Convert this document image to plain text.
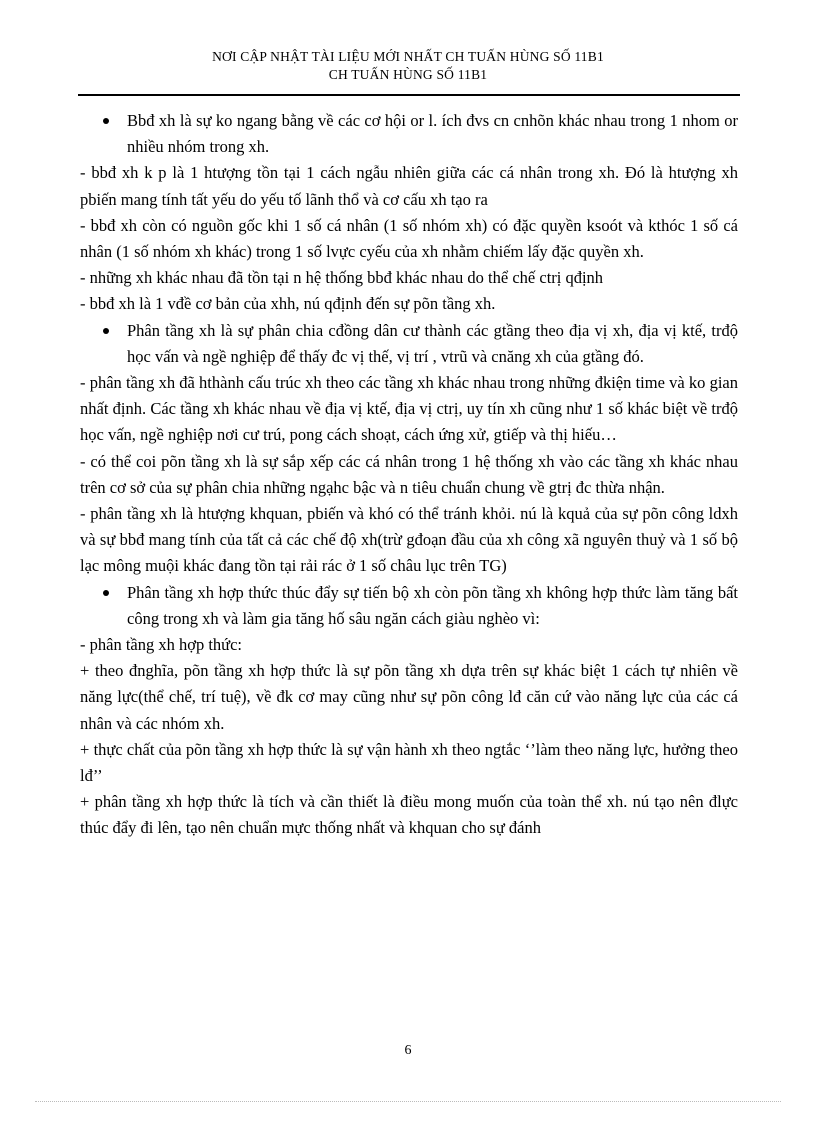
NƠI CẬP NHẬT TÀI LIỆU MỚI NHẤT CH TUẤN HÙNG SỐ 11B1
CH TUẤN HÙNG SỐ 11B1

Bbđ xh là sự ko ngang bằng về các cơ hội or l. ích đvs cn cnhõn khác nhau trong 1 nhom or nhiều nhóm trong xh.

- bbđ xh k p là 1 htượng tồn tại 1 cách ngẫu nhiên giữa các cá nhân trong xh. Đó là htượng xh pbiến mang tính tất yếu do yếu tố lãnh thổ và cơ cấu xh tạo ra

- bbđ xh còn có nguồn gốc khi 1 số cá nhân (1 số nhóm xh) có đặc quyền ksoót và kthóc 1 số cá nhân (1 số nhóm xh khác) trong 1 số lvực cyếu của xh nhằm chiếm lấy đặc quyền xh.

- những xh khác nhau đã tồn tại n hệ thống bbđ khác nhau do thể chế ctrị qđịnh

- bbđ xh là 1 vđề cơ bản của xhh, nú qđịnh đến sự põn tầng xh.

Phân tầng xh là sự phân chia cđồng dân cư thành các gtầng theo địa vị xh, địa vị ktế, trđộ học vấn và ngề nghiệp để thấy đc vị thế, vị trí , vtrũ và cnăng xh của gtầng đó.

- phân tầng xh đã hthành cấu trúc xh theo các tầng xh khác nhau trong những đkiện time và ko gian nhất định. Các tầng xh khác nhau về địa vị ktế, địa vị ctrị, uy tín xh cũng như 1 số khác biệt về trđộ học vấn, ngề nghiệp nơi cư trú, pong cách shoạt, cách ứng xử, gtiếp và thị hiếu…

- có thể coi põn tầng xh là sự sắp xếp các cá nhân trong 1 hệ thống xh vào các tầng xh khác nhau trên cơ sở của sự phân chia những ngạhc bậc và n tiêu chuẩn chung về gtrị đc thừa nhận.

- phân tầng xh là htượng khquan, pbiến và khó có thể tránh khỏi. nú là kquả của sự põn công ldxh và sự bbđ mang tính của tất cả các chế độ xh(trừ gđoạn đầu của xh công xã nguyên thuỷ và 1 số bộ lạc mông muội khác đang tồn tại rải rác ở 1 số châu lục trên TG)

Phân tầng xh hợp thức thúc đẩy sự tiến bộ xh còn põn tầng xh không hợp thức làm tăng bất công trong xh và làm gia tăng hố sâu ngăn cách giàu nghèo vì:

- phân tầng xh hợp thức:

+ theo đnghĩa, põn tầng xh hợp thức là sự põn tầng xh dựa trên sự khác biệt 1 cách tự nhiên về năng lực(thể chế, trí tuệ), về đk cơ may cũng như sự põn công lđ căn cứ vào năng lực của các cá nhân và các nhóm xh.

+ thực chất của põn tầng xh hợp thức là sự vận hành xh theo ngtắc ‘’làm theo năng lực, hưởng theo lđ’’

+ phân tầng xh hợp thức là tích và cần thiết là điều mong muốn của toàn thể xh. nú tạo nên đlực thúc đẩy đi lên, tạo nên chuẩn mực thống nhất và khquan cho sự đánh

6
